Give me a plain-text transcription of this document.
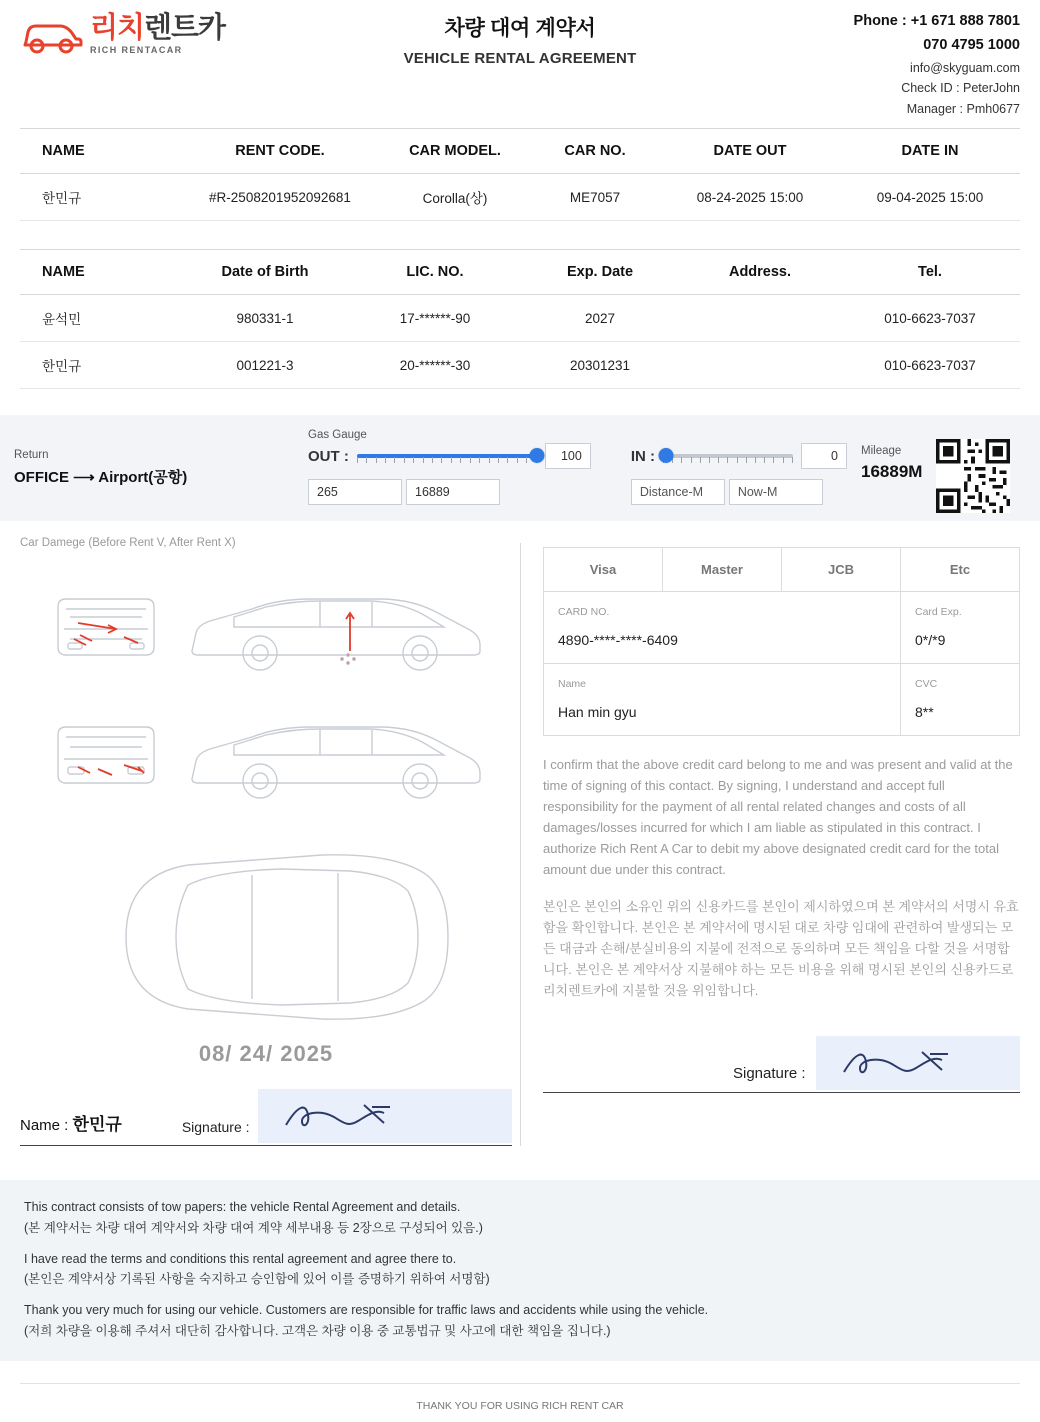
리치렌트카
RICH RENTACAR
차량 대여 계약서
VEHICLE RENTAL AGREEMENT
Phone : +1 671 888 7801
070 4795 1000
info@skyguam.com
Check ID : PeterJohn
Manager : Pmh0677
NAME	RENT CODE.	CAR MODEL.	CAR NO.	DATE OUT	DATE IN
한민규	#R-2508201952092681	Corolla(상)	ME7057	08-24-2025 15:00	09-04-2025 15:00
NAME	Date of Birth	LIC. NO.	Exp. Date	Address.	Tel.
윤석민	980331-1	17-******-90	2027		010-6623-7037
한민규	001221-3	20-******-30	20301231		010-6623-7037
Return
OFFICE ⟶ Airport(공항)
Gas Gauge
OUT :	100
265	16889
IN :	0
Distance-M	Now-M
Mileage
16889M
Car Damege (Before Rent V, After Rent X)
08/ 24/ 2025
Name : 한민규	Signature :
Visa	Master	JCB	Etc

CARD NO.
4890-****-****-6409

Card Exp.
0*/*9

Name
Han min gyu

CVC
8**

I confirm that the above credit card belong to me and was present and valid at the time of signing of this contact. By signing, I understand and accept full responsibility for the payment of all rental related changes and costs of all damages/losses incurred for which I am liable as stipulated in this contract. I authorize Rich Rent A Car to debit my above designated credit card for the total amount due under this contract.

본인은 본인의 소유인 위의 신용카드를 본인이 제시하였으며 본 계약서의 서명시 유효함을 확인합니다. 본인은 본 계약서에 명시된 대로 차량 임대에 관련하여 발생되는 모든 대금과 손해/분실비용의 지불에 전적으로 동의하며 모든 책임을 다할 것을 서명합니다. 본인은 본 계약서상 지불해야 하는 모든 비용을 위해 명시된 본인의 신용카드로 리치렌트카에 지불할 것을 위임합니다.

Signature :

This contract consists of tow papers: the vehicle Rental Agreement and details.

(본 계약서는 차량 대여 계약서와 차량 대여 계약 세부내용 등 2장으로 구성되어 있음.)

I have read the terms and conditions this rental agreement and agree there to.

(본인은 계약서상 기록된 사항을 숙지하고 승인함에 있어 이를 증명하기 위하여 서명함)

Thank you very much for using our vehicle. Customers are responsible for traffic laws and accidents while using the vehicle.

(저희 차량을 이용해 주셔서 대단히 감사합니다. 고객은 차량 이용 중 교통법규 및 사고에 대한 책임을 집니다.)

THANK YOU FOR USING RICH RENT CAR
